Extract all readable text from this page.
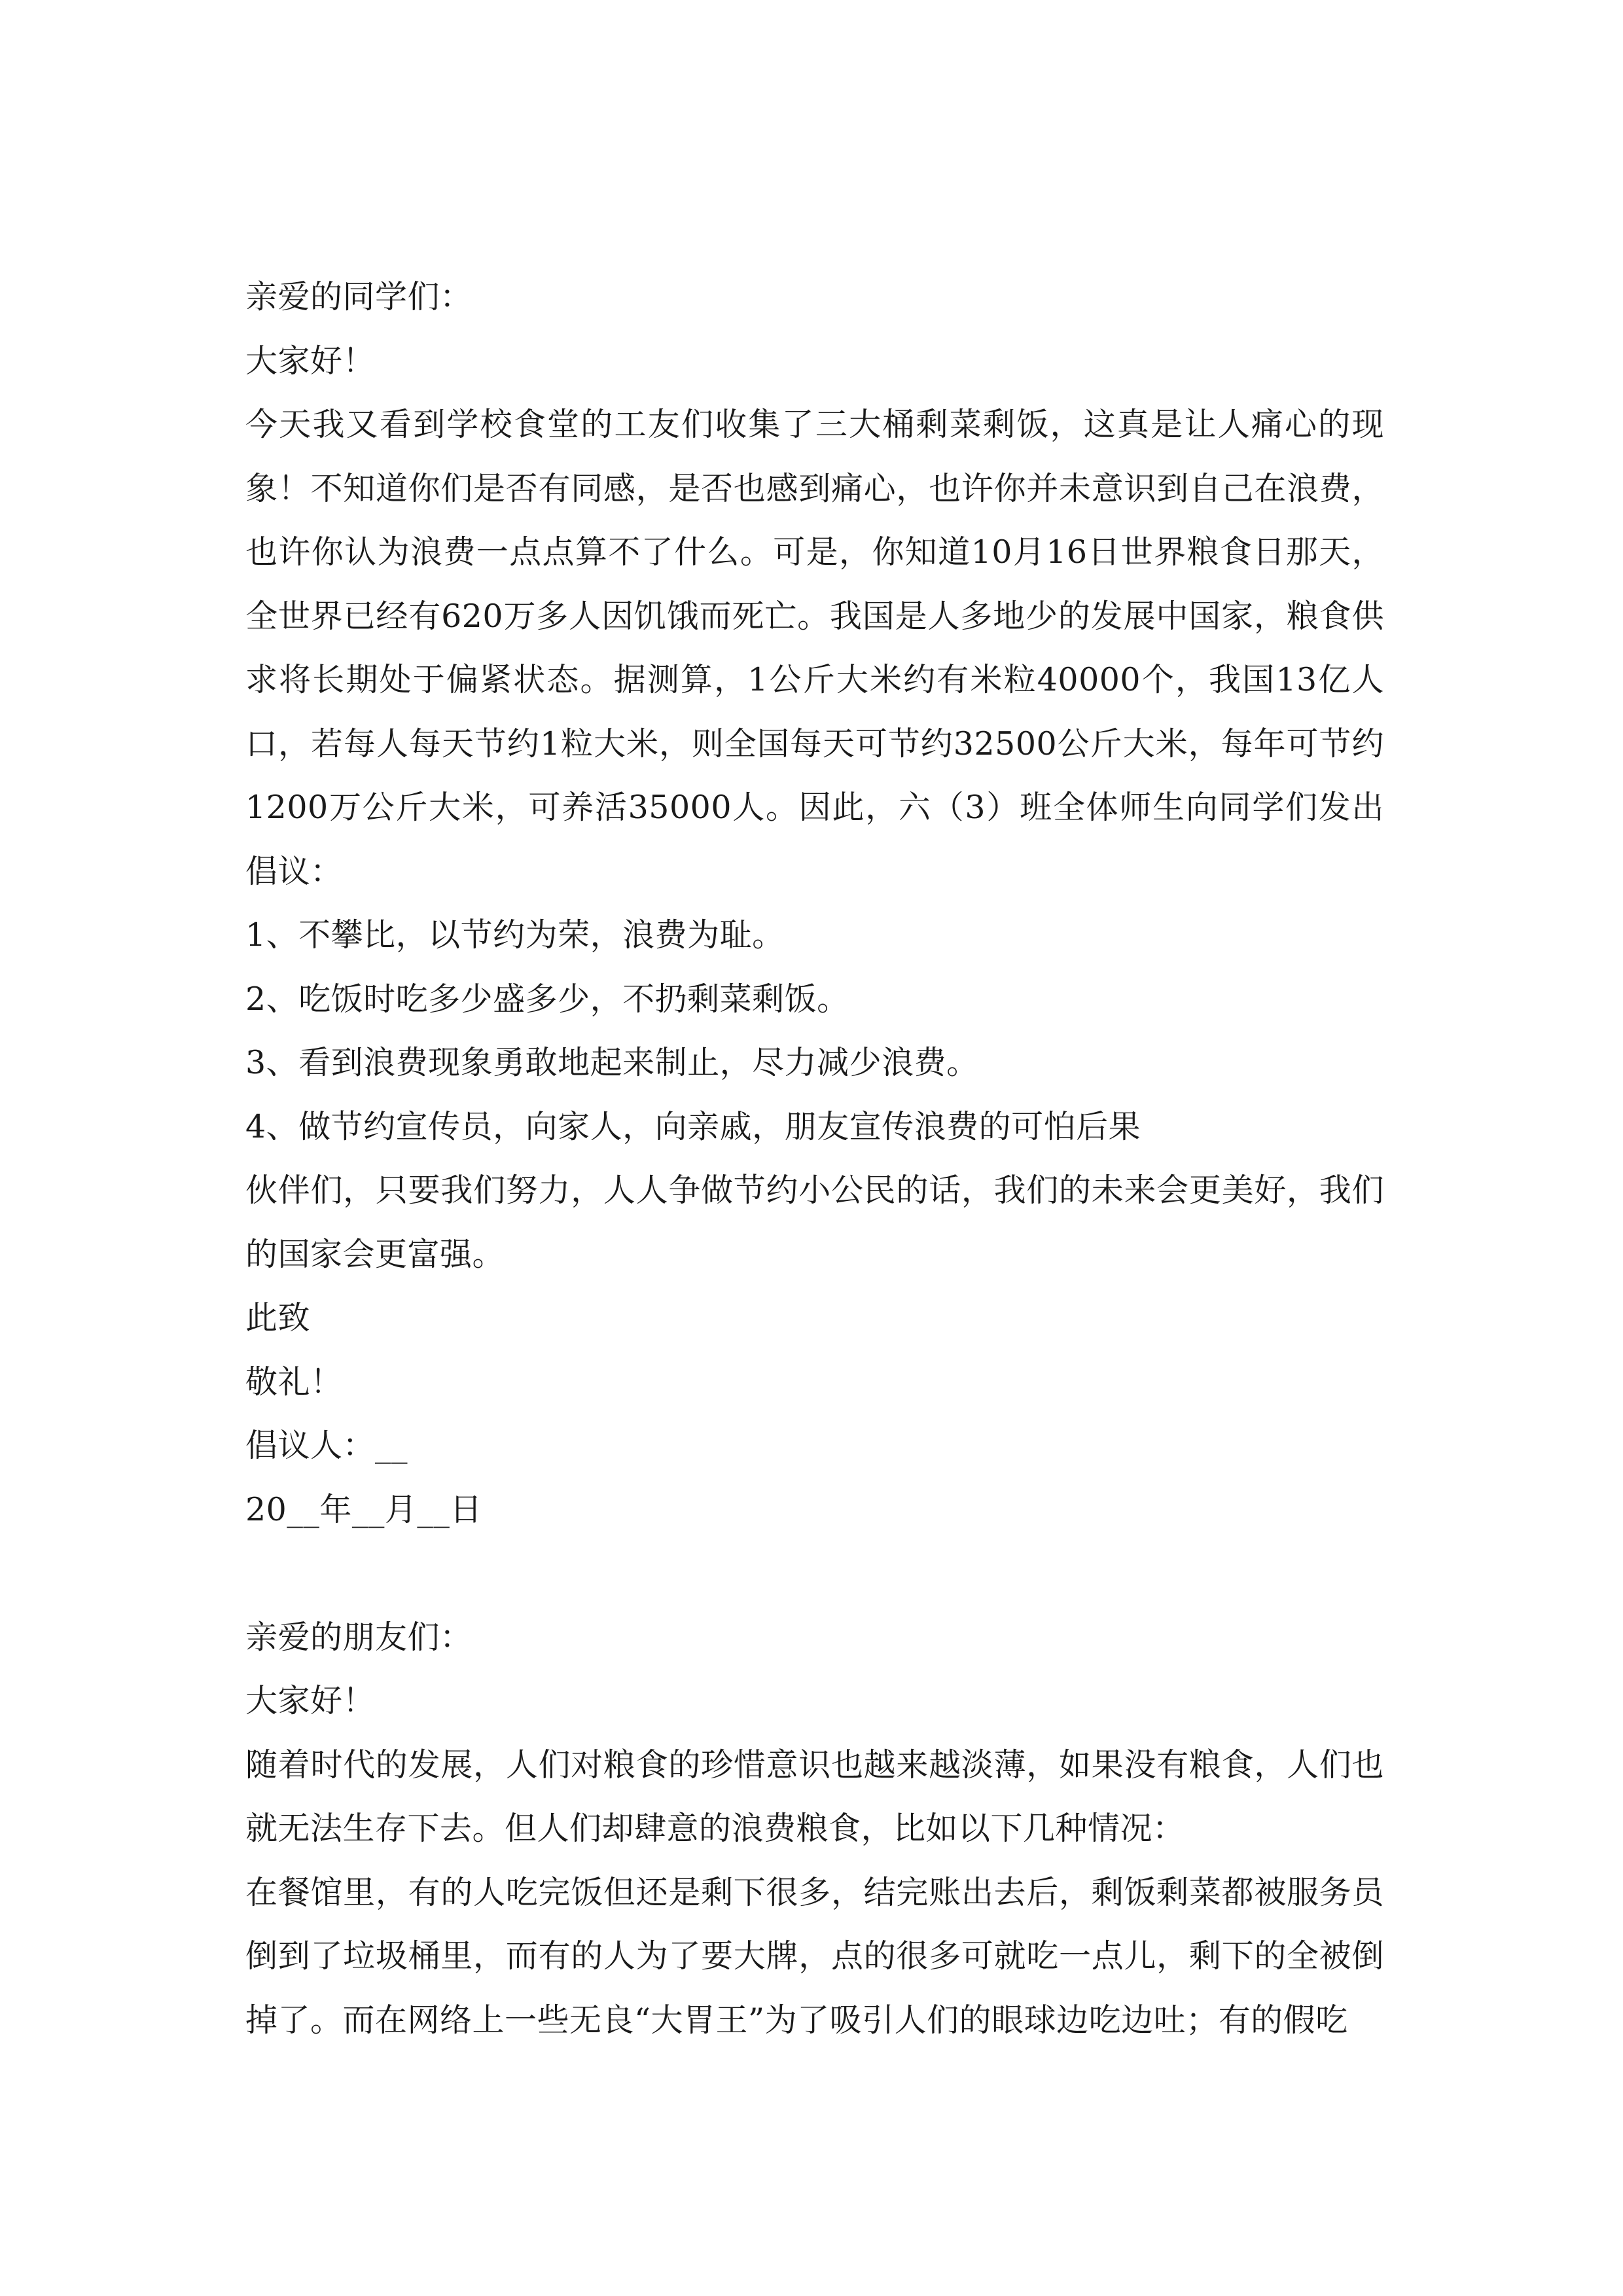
亲爱的同学们：
大家好！
今天我又看到学校食堂的工友们收集了三大桶剩菜剩饭，这真是让人痛心的现象！不知道你们是否有同感，是否也感到痛心，也许你并未意识到自己在浪费，也许你认为浪费一点点算不了什么。可是，你知道10月16日世界粮食日那天，全世界已经有620万多人因饥饿而死亡。我国是人多地少的发展中国家，粮食供求将长期处于偏紧状态。据测算，1公斤大米约有米粒40000个，我国13亿人口，若每人每天节约1粒大米，则全国每天可节约32500公斤大米，每年可节约1200万公斤大米，可养活35000人。因此，六（3）班全体师生向同学们发出倡议：
1、不攀比，以节约为荣，浪费为耻。
2、吃饭时吃多少盛多少，不扔剩菜剩饭。
3、看到浪费现象勇敢地起来制止，尽力减少浪费。
4、做节约宣传员，向家人，向亲戚，朋友宣传浪费的可怕后果
伙伴们，只要我们努力，人人争做节约小公民的话，我们的未来会更美好，我们的国家会更富强。
此致
敬礼！
倡议人：__
20__年__月__日
亲爱的朋友们：
大家好！
随着时代的发展，人们对粮食的珍惜意识也越来越淡薄，如果没有粮食，人们也就无法生存下去。但人们却肆意的浪费粮食，比如以下几种情况：
在餐馆里，有的人吃完饭但还是剩下很多，结完账出去后，剩饭剩菜都被服务员倒到了垃圾桶里，而有的人为了要大牌，点的很多可就吃一点儿，剩下的全被倒掉了。而在网络上一些无良“大胃王”为了吸引人们的眼球边吃边吐；有的假吃
